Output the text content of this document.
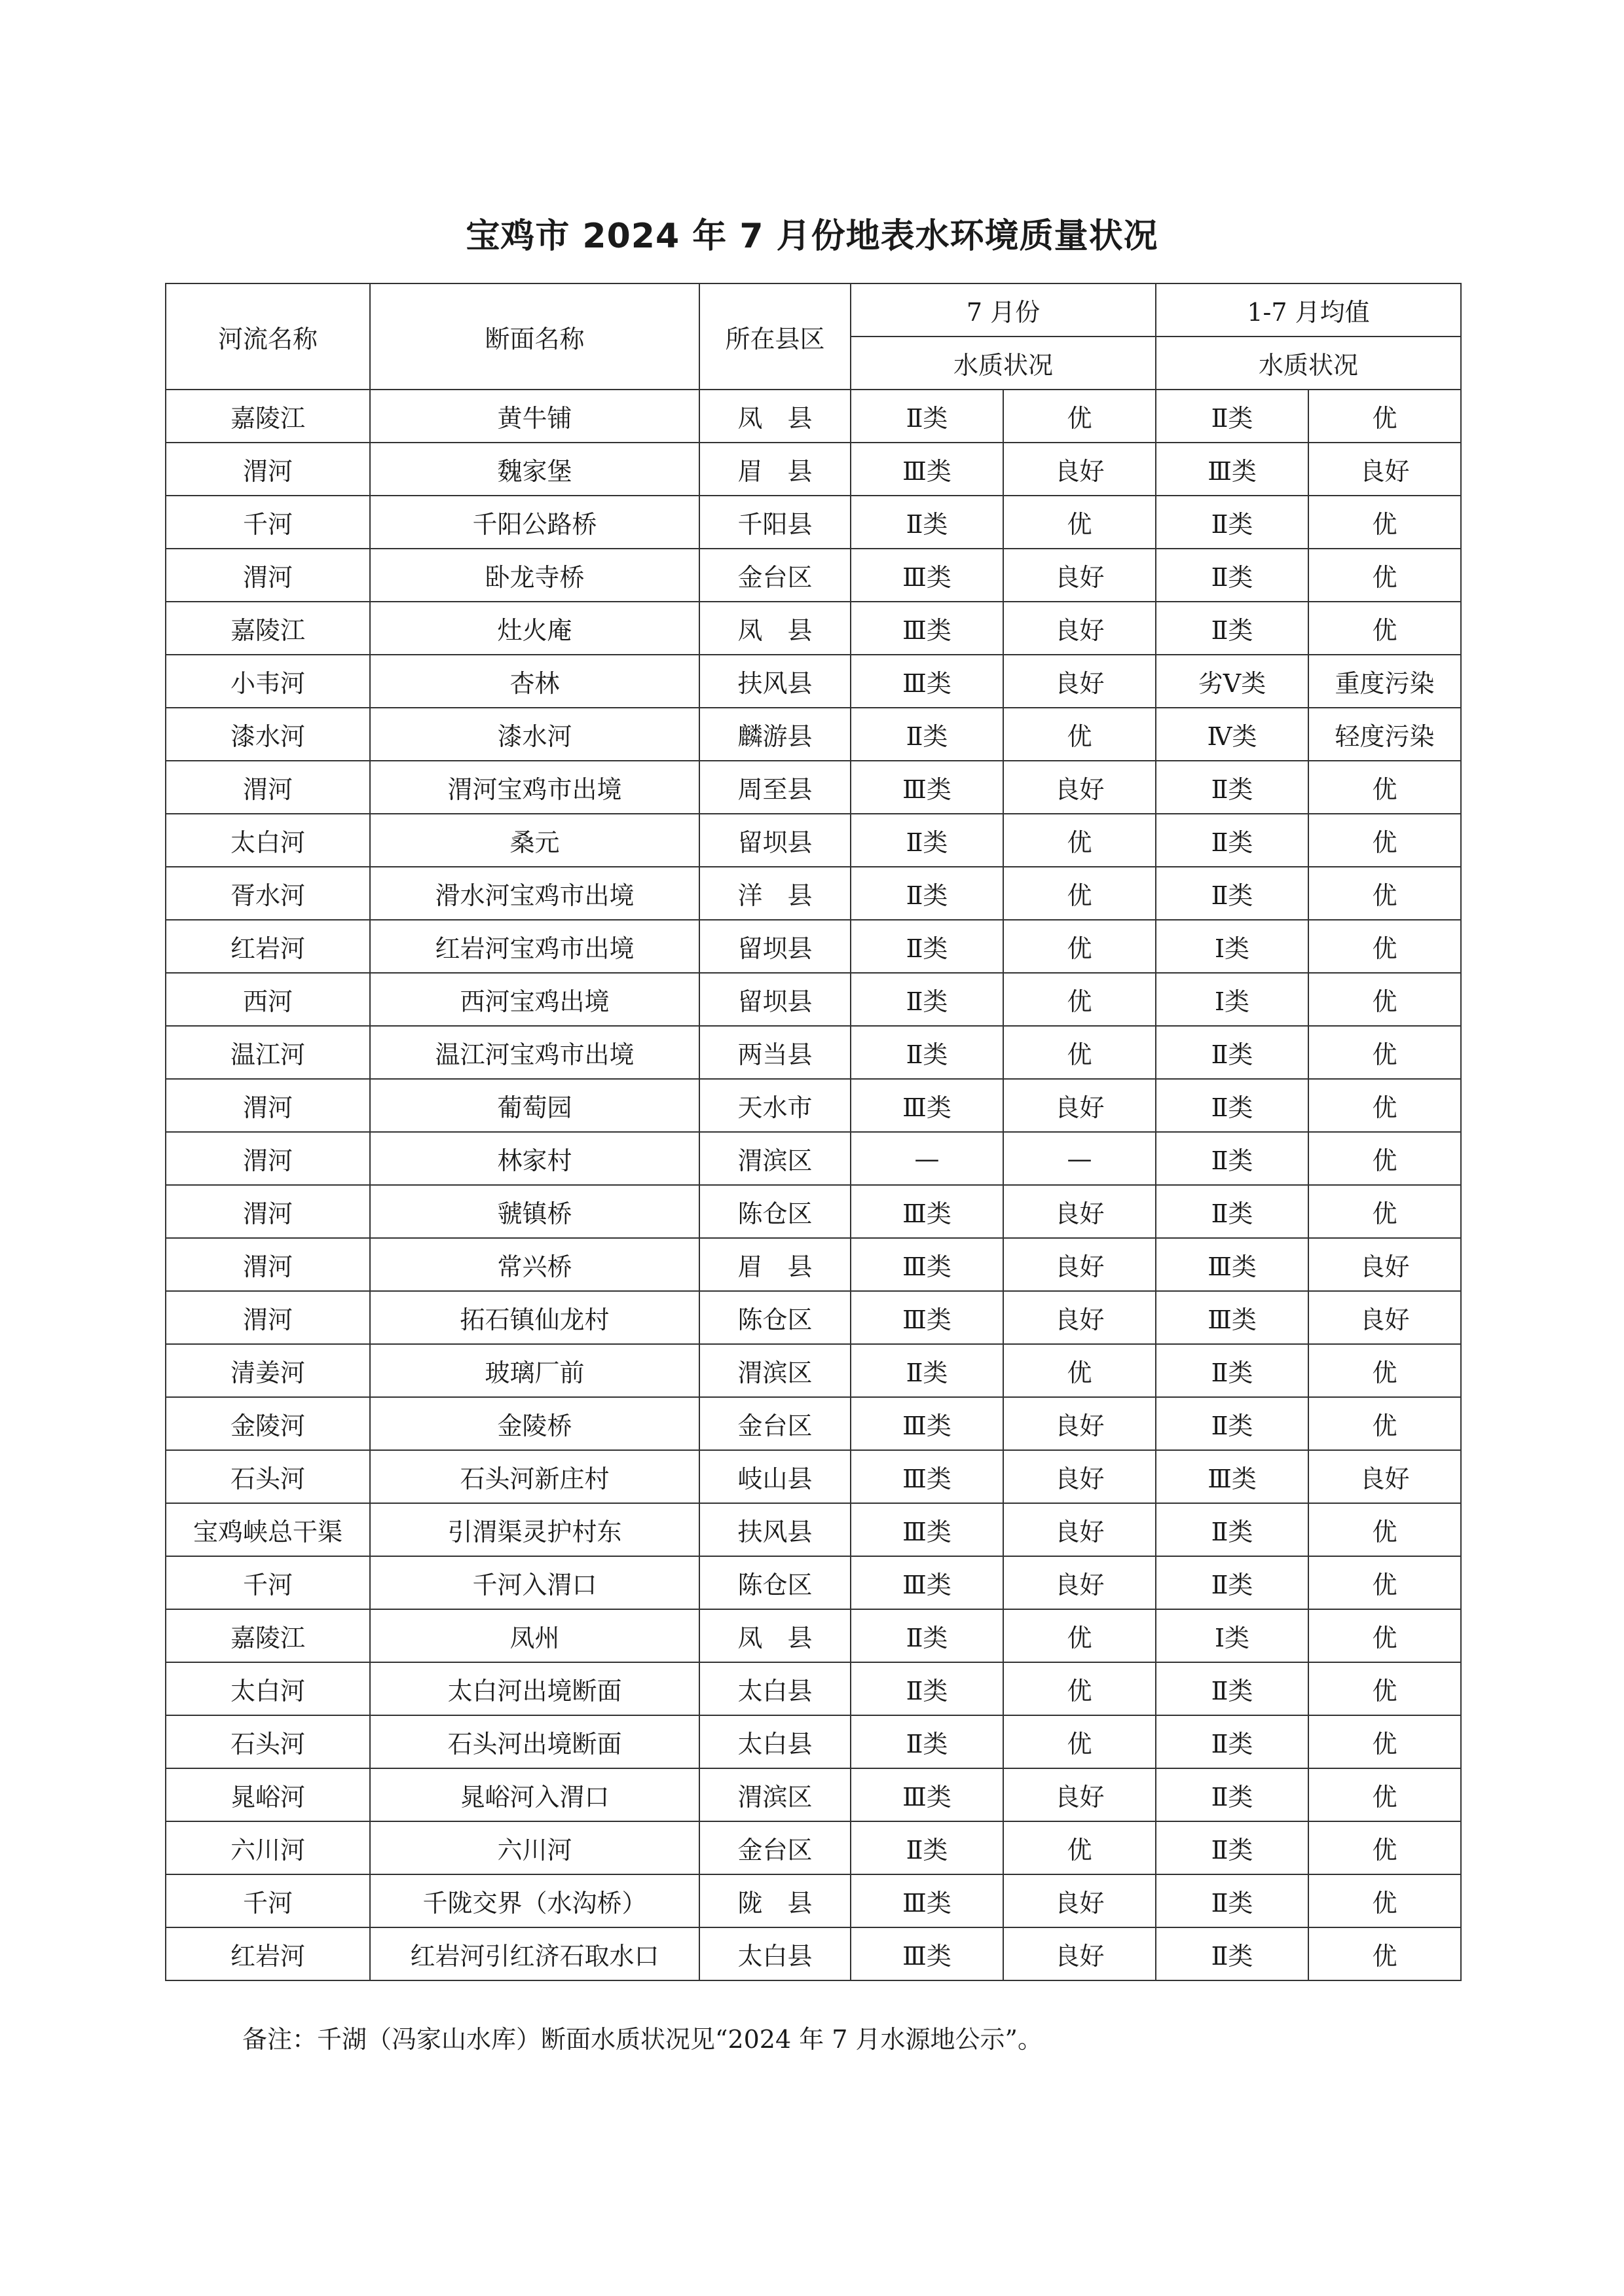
宝鸡市 2024 年 7 月份地表水环境质量状况
河流名称	断面名称	所在县区	7 月份		1-7 月均值	
			水质状况		水质状况	
嘉陵江	黄牛铺	凤　县	Ⅱ类	优	Ⅱ类	优
渭河	魏家堡	眉　县	Ⅲ类	良好	Ⅲ类	良好
千河	千阳公路桥	千阳县	Ⅱ类	优	Ⅱ类	优
渭河	卧龙寺桥	金台区	Ⅲ类	良好	Ⅱ类	优
嘉陵江	灶火庵	凤　县	Ⅲ类	良好	Ⅱ类	优
小韦河	杏林	扶风县	Ⅲ类	良好	劣Ⅴ类	重度污染
漆水河	漆水河	麟游县	Ⅱ类	优	Ⅳ类	轻度污染
渭河	渭河宝鸡市出境	周至县	Ⅲ类	良好	Ⅱ类	优
太白河	桑元	留坝县	Ⅱ类	优	Ⅱ类	优
胥水河	滑水河宝鸡市出境	洋　县	Ⅱ类	优	Ⅱ类	优
红岩河	红岩河宝鸡市出境	留坝县	Ⅱ类	优	Ⅰ类	优
西河	西河宝鸡出境	留坝县	Ⅱ类	优	Ⅰ类	优
温江河	温江河宝鸡市出境	两当县	Ⅱ类	优	Ⅱ类	优
渭河	葡萄园	天水市	Ⅲ类	良好	Ⅱ类	优
渭河	林家村	渭滨区	—	—	Ⅱ类	优
渭河	虢镇桥	陈仓区	Ⅲ类	良好	Ⅱ类	优
渭河	常兴桥	眉　县	Ⅲ类	良好	Ⅲ类	良好
渭河	拓石镇仙龙村	陈仓区	Ⅲ类	良好	Ⅲ类	良好
清姜河	玻璃厂前	渭滨区	Ⅱ类	优	Ⅱ类	优
金陵河	金陵桥	金台区	Ⅲ类	良好	Ⅱ类	优
石头河	石头河新庄村	岐山县	Ⅲ类	良好	Ⅲ类	良好
宝鸡峡总干渠	引渭渠灵护村东	扶风县	Ⅲ类	良好	Ⅱ类	优
千河	千河入渭口	陈仓区	Ⅲ类	良好	Ⅱ类	优
嘉陵江	凤州	凤　县	Ⅱ类	优	Ⅰ类	优
太白河	太白河出境断面	太白县	Ⅱ类	优	Ⅱ类	优
石头河	石头河出境断面	太白县	Ⅱ类	优	Ⅱ类	优
晁峪河	晁峪河入渭口	渭滨区	Ⅲ类	良好	Ⅱ类	优
六川河	六川河	金台区	Ⅱ类	优	Ⅱ类	优
千河	千陇交界（水沟桥）	陇　县	Ⅲ类	良好	Ⅱ类	优
红岩河	红岩河引红济石取水口	太白县	Ⅲ类	良好	Ⅱ类	优
备注：千湖（冯家山水库）断面水质状况见“2024 年 7 月水源地公示”。
